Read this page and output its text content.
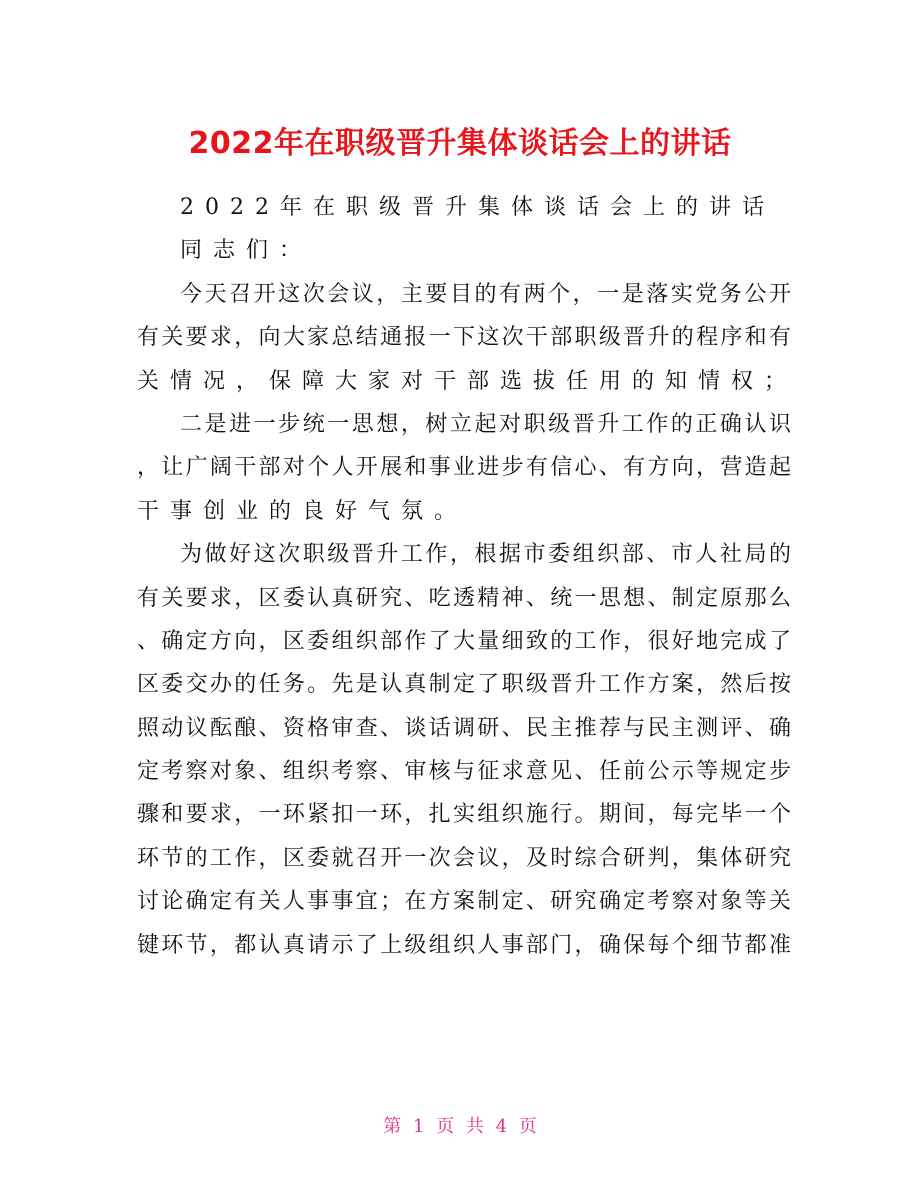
2022年在职级晋升集体谈话会上的讲话
2022年在职级晋升集体谈话会上的讲话
同志们：
今天召开这次会议，主要目的有两个，一是落实党务公开
有关要求，向大家总结通报一下这次干部职级晋升的程序和有
关情况，保障大家对干部选拔任用的知情权；
二是进一步统一思想，树立起对职级晋升工作的正确认识
，让广阔干部对个人开展和事业进步有信心、有方向，营造起
干事创业的良好气氛。
为做好这次职级晋升工作，根据市委组织部、市人社局的
有关要求，区委认真研究、吃透精神、统一思想、制定原那么
、确定方向，区委组织部作了大量细致的工作，很好地完成了
区委交办的任务。先是认真制定了职级晋升工作方案，然后按
照动议酝酿、资格审查、谈话调研、民主推荐与民主测评、确
定考察对象、组织考察、审核与征求意见、任前公示等规定步
骤和要求，一环紧扣一环，扎实组织施行。期间，每完毕一个
环节的工作，区委就召开一次会议，及时综合研判，集体研究
讨论确定有关人事事宜；在方案制定、研究确定考察对象等关
键环节，都认真请示了上级组织人事部门，确保每个细节都准
第 1 页 共 4 页
